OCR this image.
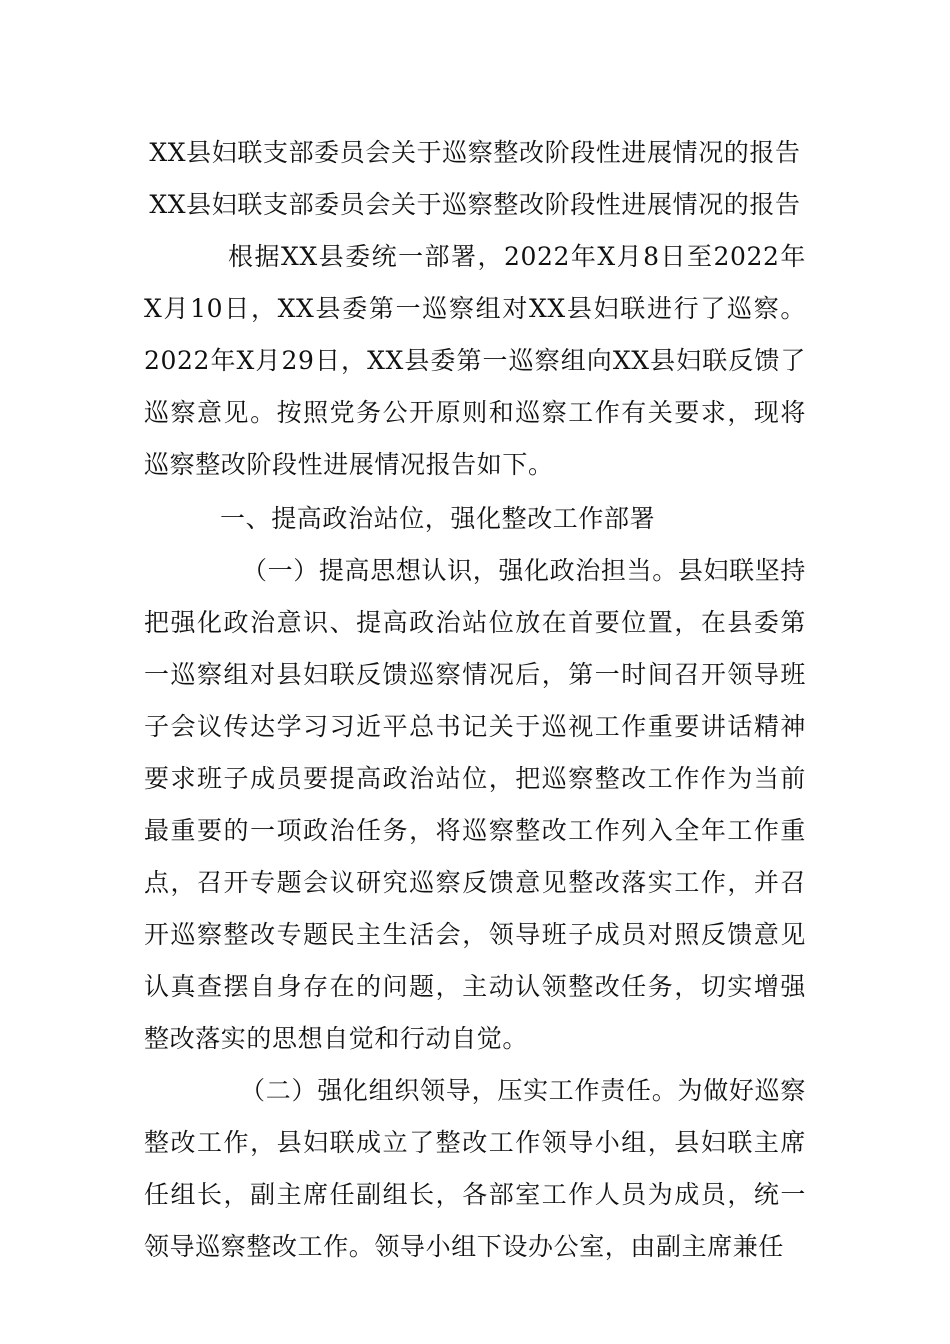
XX县妇联支部委员会关于巡察整改阶段性进展情况的报告
XX县妇联支部委员会关于巡察整改阶段性进展情况的报告

根据XX县委统一部署，2022年X月8日至2022年X月10日，XX县委第一巡察组对XX县妇联进行了巡察。2022年X月29日，XX县委第一巡察组向XX县妇联反馈了巡察意见。按照党务公开原则和巡察工作有关要求，现将巡察整改阶段性进展情况报告如下。

一、提高政治站位，强化整改工作部署

（一）提高思想认识，强化政治担当。县妇联坚持把强化政治意识、提高政治站位放在首要位置，在县委第一巡察组对县妇联反馈巡察情况后，第一时间召开领导班子会议传达学习习近平总书记关于巡视工作重要讲话精神要求班子成员要提高政治站位，把巡察整改工作作为当前最重要的一项政治任务，将巡察整改工作列入全年工作重点，召开专题会议研究巡察反馈意见整改落实工作，并召开巡察整改专题民主生活会，领导班子成员对照反馈意见认真查摆自身存在的问题，主动认领整改任务，切实增强整改落实的思想自觉和行动自觉。

（二）强化组织领导，压实工作责任。为做好巡察整改工作，县妇联成立了整改工作领导小组，县妇联主席任组长，副主席任副组长，各部室工作人员为成员，统一领导巡察整改工作。领导小组下设办公室，由副主席兼任
